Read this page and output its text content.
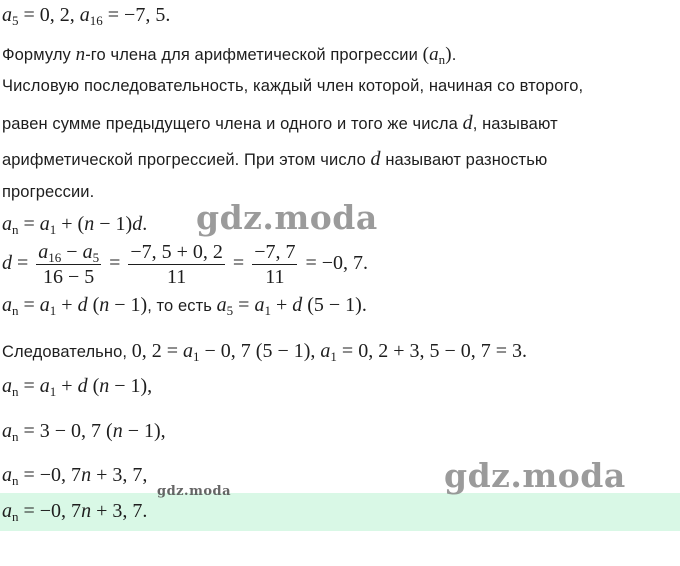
$a_5 = 0$, 2, $a_{16} = -7$, 5.
Формулу n-го члена для арифметической прогрессии $(a_n)$.
Числовую последовательность, каждый член которой, начиная со второго,
равен сумме предыдущего члена и одного и того же числа d, называют
арифметической прогрессией. При этом число d называют разностью
прогрессии.
$a_n = a_1 + (n - 1)d$.
$d = \frac{a_{16} - a_5}{16 - 5} = \frac{-7, 5 + 0, 2}{11} = \frac{-7, 7}{11} = -0$, 7.
$a_n = a_1 + d$ (n − 1), то есть $a_5 = a_1 + d$ (5 − 1).
Следовательно, 0, $2 = a_1 - 0$, 7 (5 − 1), $a_1 = 0$, 2 + 3, 5 − 0, 7 = 3.
$a_n = a_1 + d$ (n − 1),
$a_n = 3 - 0$, 7 (n − 1),
$a_n = -0$, 7n + 3, 7,
$a_n = -0$, 7n + 3, 7.
gdz.moda
gdz.moda
gdz.moda
